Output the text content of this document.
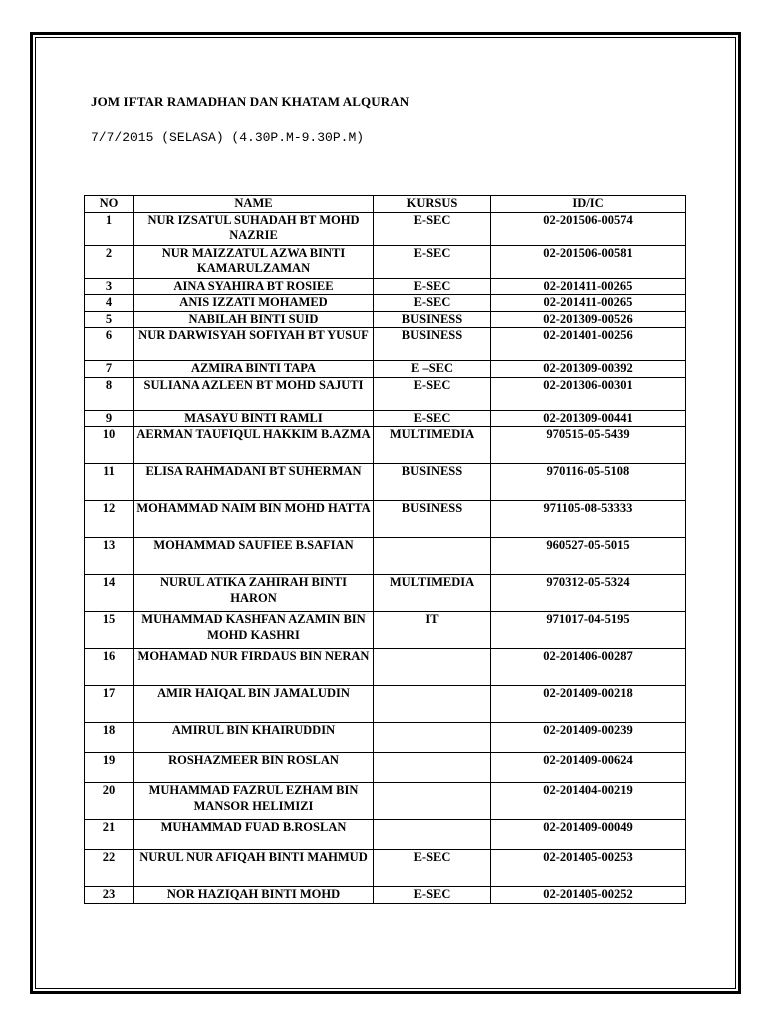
JOM IFTAR RAMADHAN DAN KHATAM ALQURAN
7/7/2015 (SELASA) (4.30P.M-9.30P.M)
NO	NAME	KURSUS	ID/IC
1	NUR IZSATUL SUHADAH BT MOHD NAZRIE	E-SEC	02-201506-00574
2	NUR MAIZZATUL AZWA BINTI KAMARULZAMAN	E-SEC	02-201506-00581
3	AINA SYAHIRA BT ROSIEE	E-SEC	02-201411-00265
4	ANIS IZZATI MOHAMED	E-SEC	02-201411-00265
5	NABILAH BINTI SUID	BUSINESS	02-201309-00526
6	NUR DARWISYAH SOFIYAH BT YUSUF	BUSINESS	02-201401-00256
7	AZMIRA BINTI TAPA	E –SEC	02-201309-00392
8	SULIANA AZLEEN BT MOHD SAJUTI	E-SEC	02-201306-00301
9	MASAYU BINTI RAMLI	E-SEC	02-201309-00441
10	AERMAN TAUFIQUL HAKKIM B.AZMA	MULTIMEDIA	970515-05-5439
11	ELISA RAHMADANI BT SUHERMAN	BUSINESS	970116-05-5108
12	MOHAMMAD NAIM BIN MOHD HATTA	BUSINESS	971105-08-53333
13	MOHAMMAD SAUFIEE B.SAFIAN		960527-05-5015
14	NURUL ATIKA ZAHIRAH BINTI HARON	MULTIMEDIA	970312-05-5324
15	MUHAMMAD KASHFAN AZAMIN BIN MOHD KASHRI	IT	971017-04-5195
16	MOHAMAD NUR FIRDAUS BIN NERAN		02-201406-00287
17	AMIR HAIQAL BIN JAMALUDIN		02-201409-00218
18	AMIRUL BIN KHAIRUDDIN		02-201409-00239
19	ROSHAZMEER BIN ROSLAN		02-201409-00624
20	MUHAMMAD FAZRUL EZHAM BIN MANSOR HELIMIZI		02-201404-00219
21	MUHAMMAD FUAD B.ROSLAN		02-201409-00049
22	NURUL NUR AFIQAH BINTI MAHMUD	E-SEC	02-201405-00253
23	NOR HAZIQAH BINTI MOHD	E-SEC	02-201405-00252
